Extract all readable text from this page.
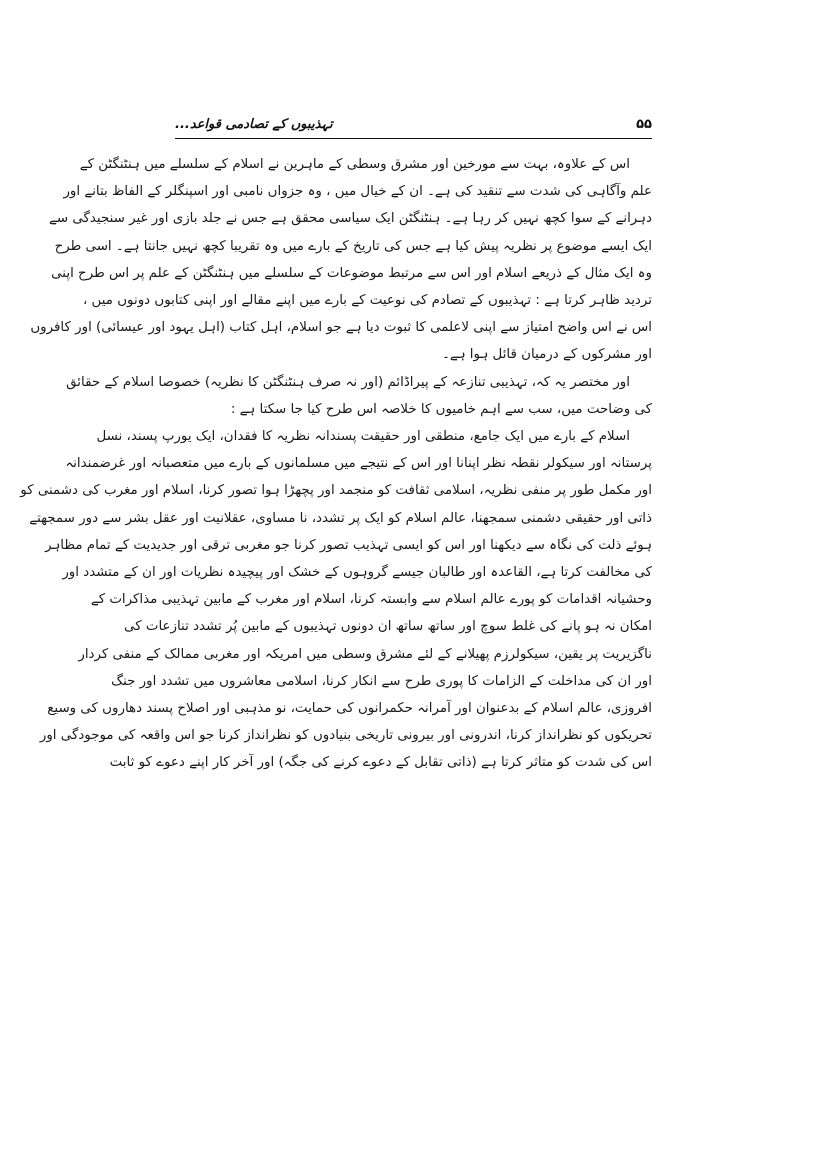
تہذیبوں کے تصادمی قواعد...	۵۵
اس کے علاوہ، بہت سے مورخین اور مشرق وسطی کے ماہرین نے اسلام کے سلسلے میں ہنٹنگٹن کے
علم وآگاہی کی شدت سے تنقید کی ہے۔ ان کے خیال میں ، وہ جزواں نامبی اور اسپنگلر کے الفاظ بتانے اور
دہرانے کے سوا کچھ نہیں کر رہا ہے۔ ہنٹنگٹن ایک سیاسی محقق ہے جس نے جلد بازی اور غیر سنجیدگی سے
ایک ایسے موضوع پر نظریہ پیش کیا ہے جس کی تاریخ کے بارے میں وہ تقریبا کچھ نہیں جانتا ہے۔ اسی طرح
وہ ایک مثال کے ذریعے اسلام اور اس سے مرتبط موضوعات کے سلسلے میں ہنٹنگٹن کے علم پر اس طرح اپنی
تردید ظاہر کرتا ہے : تہذیبوں کے تصادم کی نوعیت کے بارے میں اپنے مقالے اور اپنی کتابوں دونوں میں ،
اس نے اس واضح امتیاز سے اپنی لاعلمی کا ثبوت دیا ہے جو اسلام، اہل کتاب (اہل یہود اور عیسائی) اور کافروں
اور مشرکوں کے درمیان قائل ہوا ہے۔
اور مختصر یہ کہ، تہذیبی تنازعہ کے پیراڈائم (اور نہ صرف ہنٹنگٹن کا نظریہ) خصوصا اسلام کے حقائق
کی وضاحت میں، سب سے اہم خامیوں کا خلاصہ اس طرح کیا جا سکتا ہے :
اسلام کے بارے میں ایک جامع، منطقی اور حقیقت پسندانہ نظریہ کا فقدان، ایک یورپ پسند، نسل
پرستانہ اور سیکولر نقطہ نظر اپنانا اور اس کے نتیجے میں مسلمانوں کے بارے میں متعصبانہ اور غرضمندانہ
اور مکمل طور پر منفی نظریہ، اسلامی ثقافت کو منجمد اور پچھڑا ہوا تصور کرنا، اسلام اور مغرب کی دشمنی کو
ذاتی اور حقیقی دشمنی سمجھنا، عالم اسلام کو ایک پر تشدد، نا مساوی، عقلانیت اور عقل بشر سے دور سمجھتے
ہوئے ذلت کی نگاہ سے دیکھنا اور اس کو ایسی تہذیب تصور کرنا جو مغربی ترقی اور جدیدیت کے تمام مظاہر
کی مخالفت کرتا ہے، القاعدہ اور طالبان جیسے گروہوں کے خشک اور پیچیدہ نظریات اور ان کے متشدد اور
وحشیانہ اقدامات کو پورے عالم اسلام سے وابستہ کرنا، اسلام اور مغرب کے مابین تہذیبی مذاکرات کے
امکان نہ ہو پانے کی غلط سوچ اور ساتھ ساتھ ان دونوں تہذیبوں کے مابین پُر تشدد تنازعات کی
ناگزیریت پر یقین، سیکولرزم پھیلانے کے لئے مشرق وسطی میں امریکہ اور مغربی ممالک کے منفی کردار
اور ان کی مداخلت کے الزامات کا پوری طرح سے انکار کرنا، اسلامی معاشروں میں تشدد اور جنگ
افروزی، عالم اسلام کے بدعنوان اور آمرانہ حکمرانوں کی حمایت، نو مذہبی اور اصلاح پسند دھاروں کی وسیع
تحریکوں کو نظرانداز کرنا، اندرونی اور بیرونی تاریخی بنیادوں کو نظرانداز کرنا جو اس واقعہ کی موجودگی اور
اس کی شدت کو متاثر کرتا ہے (ذاتی تقابل کے دعوے کرنے کی جگہ) اور آخر کار اپنے دعوے کو ثابت
